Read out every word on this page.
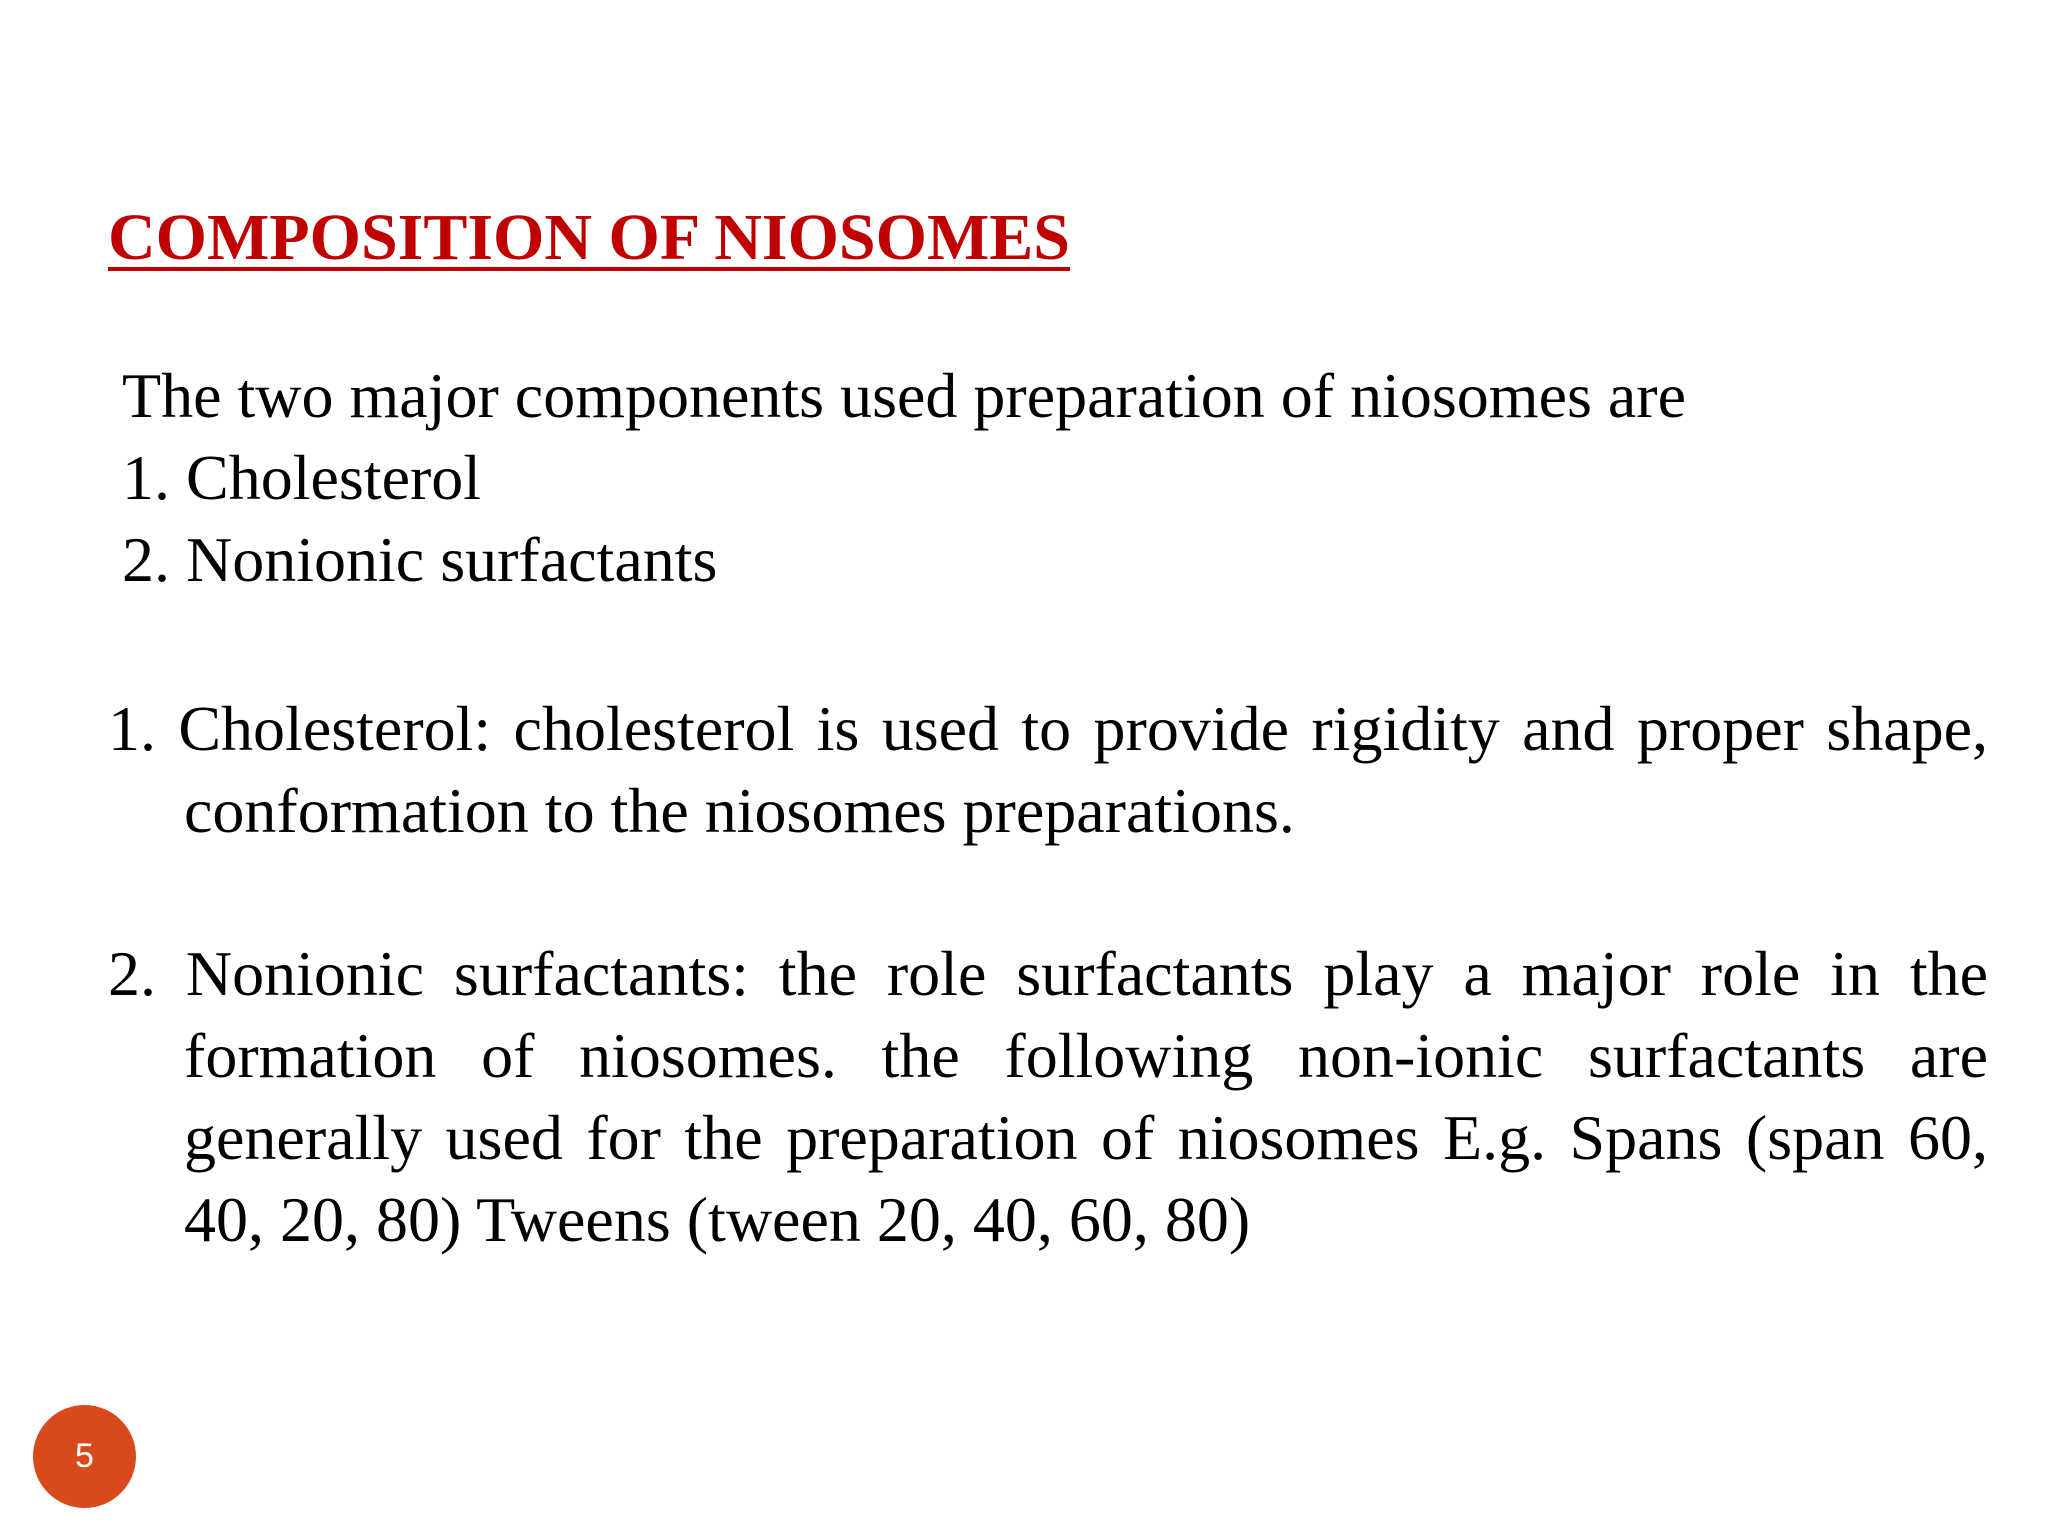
COMPOSITION OF NIOSOMES
The two major components used preparation of niosomes are
1. Cholesterol
2. Nonionic surfactants
1. Cholesterol: cholesterol is used to provide rigidity and proper shape, conformation to the niosomes preparations.
2. Nonionic surfactants: the role surfactants play a major role in the formation of niosomes. the following non-ionic surfactants are generally used for the preparation of niosomes E.g. Spans (span 60, 40, 20, 80) Tweens (tween 20, 40, 60, 80)
5
